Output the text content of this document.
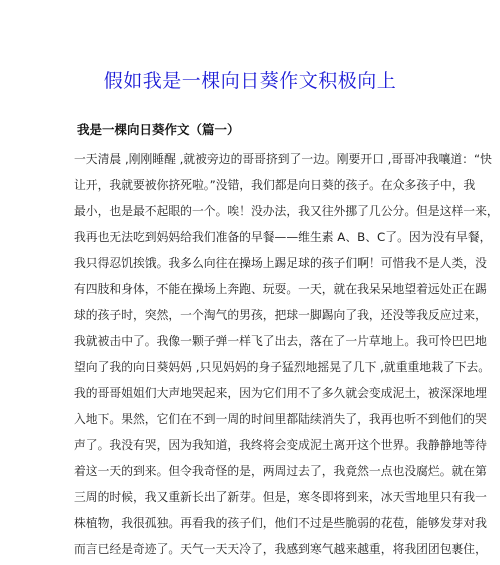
假如我是一棵向日葵作文积极向上
我是一棵向日葵作文（篇一）
一天清晨 ,刚刚睡醒 ,就被旁边的哥哥挤到了一边。刚要开口 ,哥哥冲我嚷道：“快
让开，我就要被你挤死啦。”没错，我们都是向日葵的孩子。在众多孩子中，我
最小，也是最不起眼的一个。唉！没办法，我又往外挪了几公分。但是这样一来，
我再也无法吃到妈妈给我们准备的早餐——维生素 A、B、C了。因为没有早餐，
我只得忍饥挨饿。我多么向往在操场上踢足球的孩子们啊！可惜我不是人类，没
有四肢和身体，不能在操场上奔跑、玩耍。一天，就在我呆呆地望着远处正在踢
球的孩子时，突然，一个淘气的男孩，把球一脚踢向了我，还没等我反应过来，
我就被击中了。我像一颗子弹一样飞了出去，落在了一片草地上。我可怜巴巴地
望向了我的向日葵妈妈 ,只见妈妈的身子猛烈地摇晃了几下 ,就重重地栽了下去。
我的哥哥姐姐们大声地哭起来，因为它们用不了多久就会变成泥土，被深深地埋
入地下。果然，它们在不到一周的时间里都陆续消失了，我再也听不到他们的哭
声了。我没有哭，因为我知道，我终将会变成泥土离开这个世界。我静静地等待
着这一天的到来。但令我奇怪的是，两周过去了，我竟然一点也没腐烂。就在第
三周的时候，我又重新长出了新芽。但是，寒冬即将到来，冰天雪地里只有我一
株植物，我很孤独。再看我的孩子们，他们不过是些脆弱的花苞，能够发芽对我
而言已经是奇迹了。天气一天天冷了，我感到寒气越来越重，将我团团包裹住，
